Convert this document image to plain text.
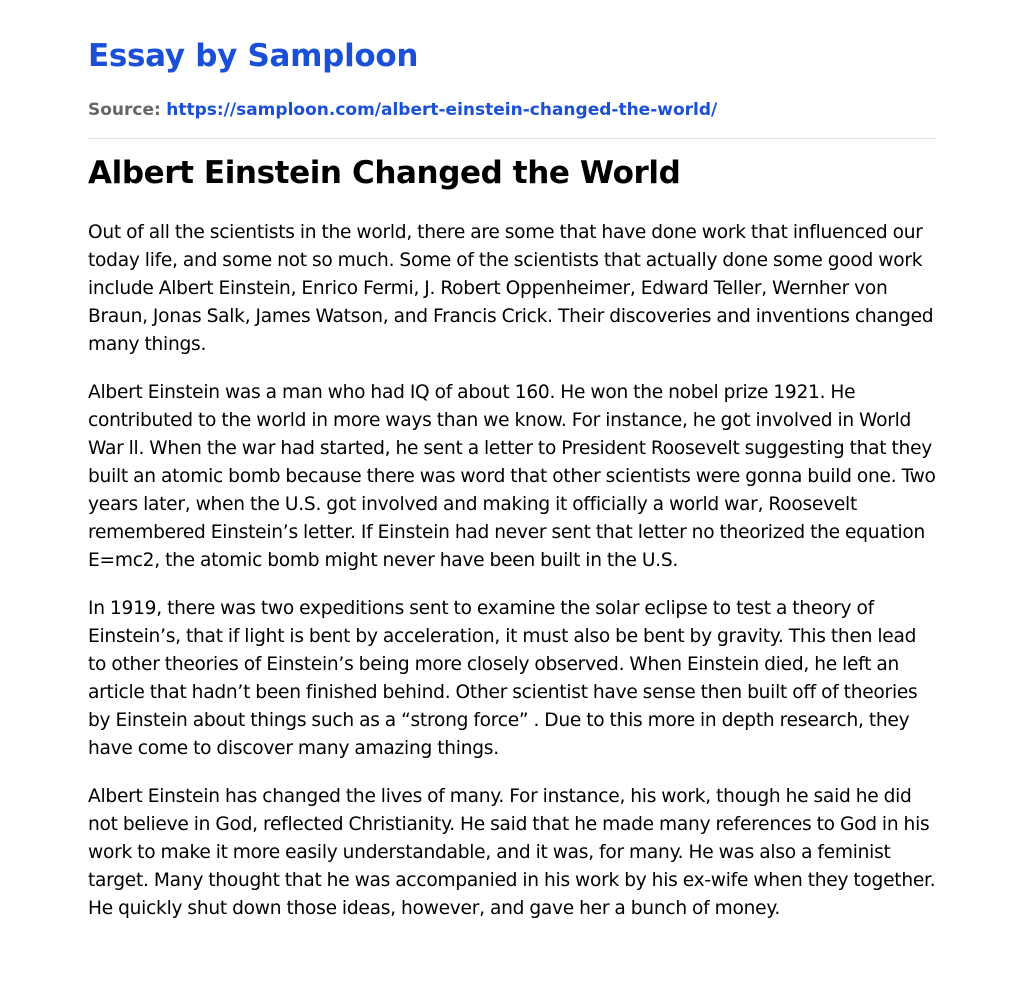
Essay by Samploon
Source: https://samploon.com/albert-einstein-changed-the-world/
Albert Einstein Changed the World

Out of all the scientists in the world, there are some that have done work that influenced our today life, and some not so much. Some of the scientists that actually done some good work include Albert Einstein, Enrico Fermi, J. Robert Oppenheimer, Edward Teller, Wernher von Braun, Jonas Salk, James Watson, and Francis Crick. Their discoveries and inventions changed many things.

Albert Einstein was a man who had IQ of about 160. He won the nobel prize 1921. He contributed to the world in more ways than we know. For instance, he got involved in World War ll. When the war had started, he sent a letter to President Roosevelt suggesting that they built an atomic bomb because there was word that other scientists were gonna build one. Two years later, when the U.S. got involved and making it officially a world war, Roosevelt remembered Einstein’s letter. If Einstein had never sent that letter no theorized the equation E=mc2, the atomic bomb might never have been built in the U.S.

In 1919, there was two expeditions sent to examine the solar eclipse to test a theory of Einstein’s, that if light is bent by acceleration, it must also be bent by gravity. This then lead to other theories of Einstein’s being more closely observed. When Einstein died, he left an article that hadn’t been finished behind. Other scientist have sense then built off of theories by Einstein about things such as a “strong force” . Due to this more in depth research, they have come to discover many amazing things.

Albert Einstein has changed the lives of many. For instance, his work, though he said he did not believe in God, reflected Christianity. He said that he made many references to God in his work to make it more easily understandable, and it was, for many. He was also a feminist target. Many thought that he was accompanied in his work by his ex-wife when they together. He quickly shut down those ideas, however, and gave her a bunch of money.
